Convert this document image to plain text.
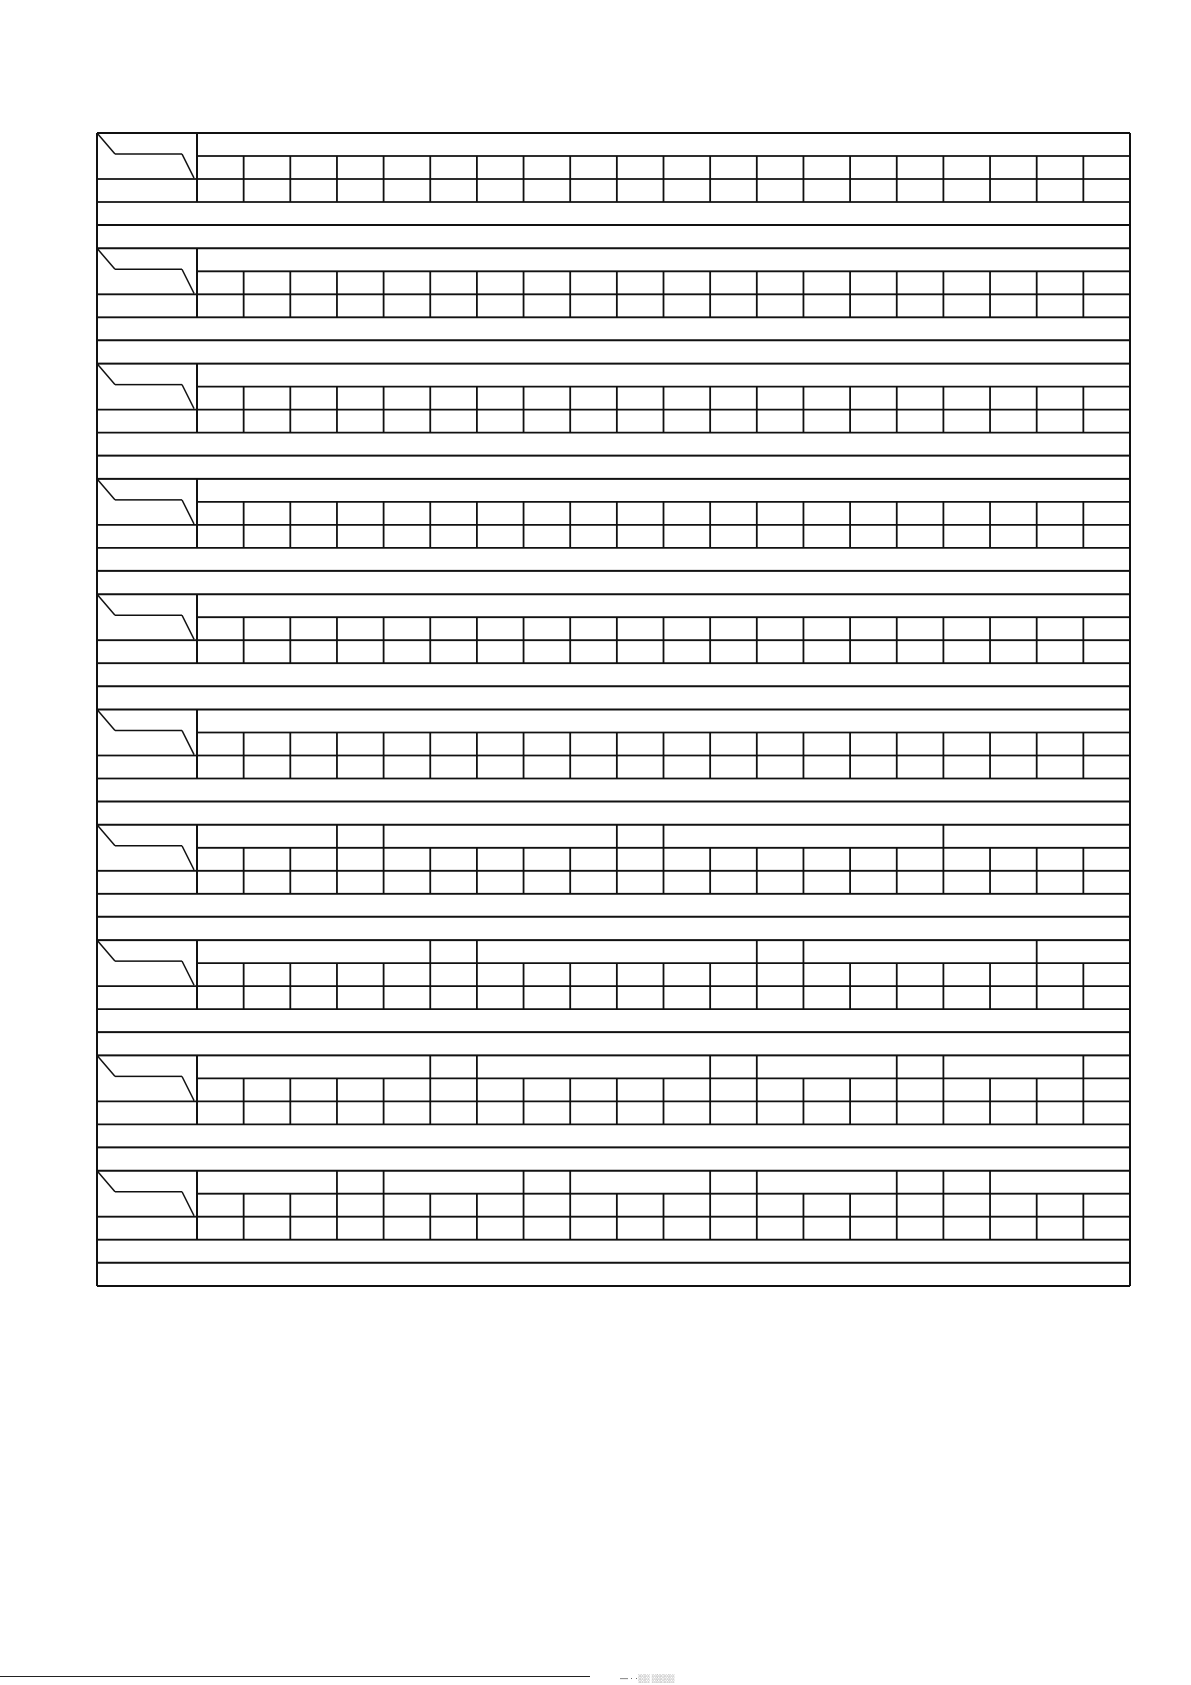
— · ·░░ ░░░░
